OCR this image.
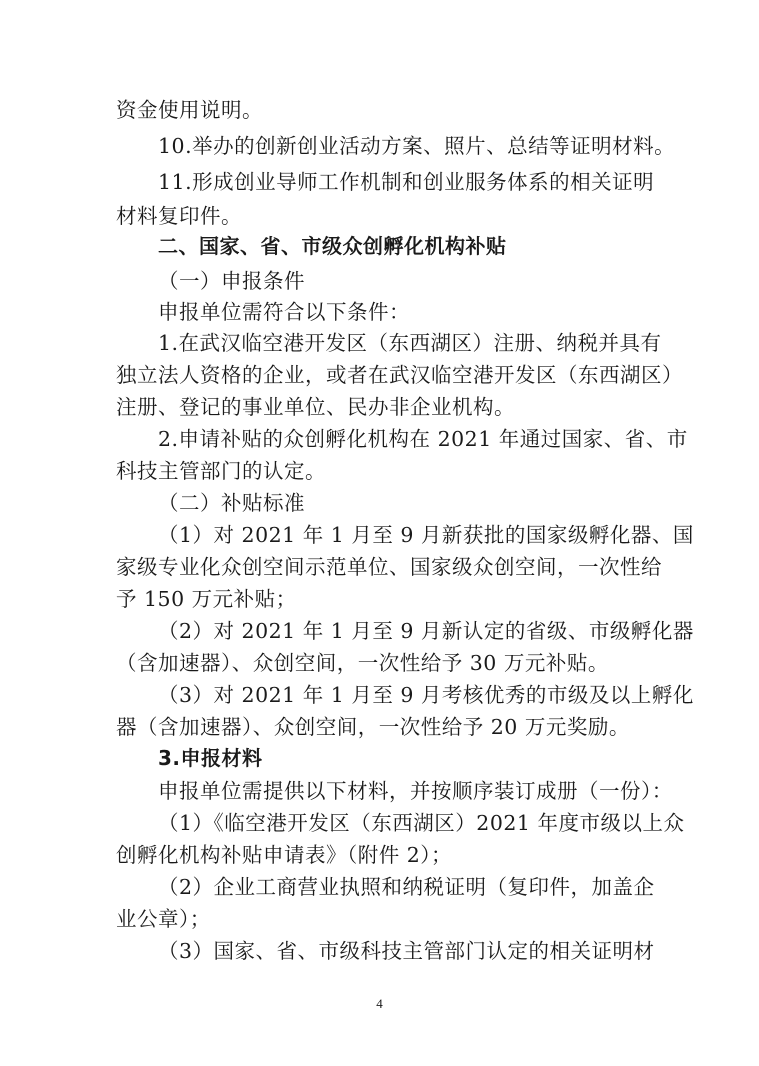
资金使用说明。
10.举办的创新创业活动方案、照片、总结等证明材料。
11.形成创业导师工作机制和创业服务体系的相关证明
材料复印件。
二、国家、省、市级众创孵化机构补贴
（一）申报条件
申报单位需符合以下条件：
1.在武汉临空港开发区（东西湖区）注册、纳税并具有
独立法人资格的企业，或者在武汉临空港开发区（东西湖区）
注册、登记的事业单位、民办非企业机构。
2.申请补贴的众创孵化机构在 2021 年通过国家、省、市
科技主管部门的认定。
（二）补贴标准
（1）对 2021 年 1 月至 9 月新获批的国家级孵化器、国
家级专业化众创空间示范单位、国家级众创空间，一次性给
予 150 万元补贴；
（2）对 2021 年 1 月至 9 月新认定的省级、市级孵化器
（含加速器）、众创空间，一次性给予 30 万元补贴。
（3）对 2021 年 1 月至 9 月考核优秀的市级及以上孵化
器（含加速器）、众创空间，一次性给予 20 万元奖励。
3.申报材料
申报单位需提供以下材料，并按顺序装订成册（一份）：
（1）《临空港开发区（东西湖区）2021 年度市级以上众
创孵化机构补贴申请表》（附件 2）；
（2）企业工商营业执照和纳税证明（复印件，加盖企
业公章）；
（3）国家、省、市级科技主管部门认定的相关证明材
4
